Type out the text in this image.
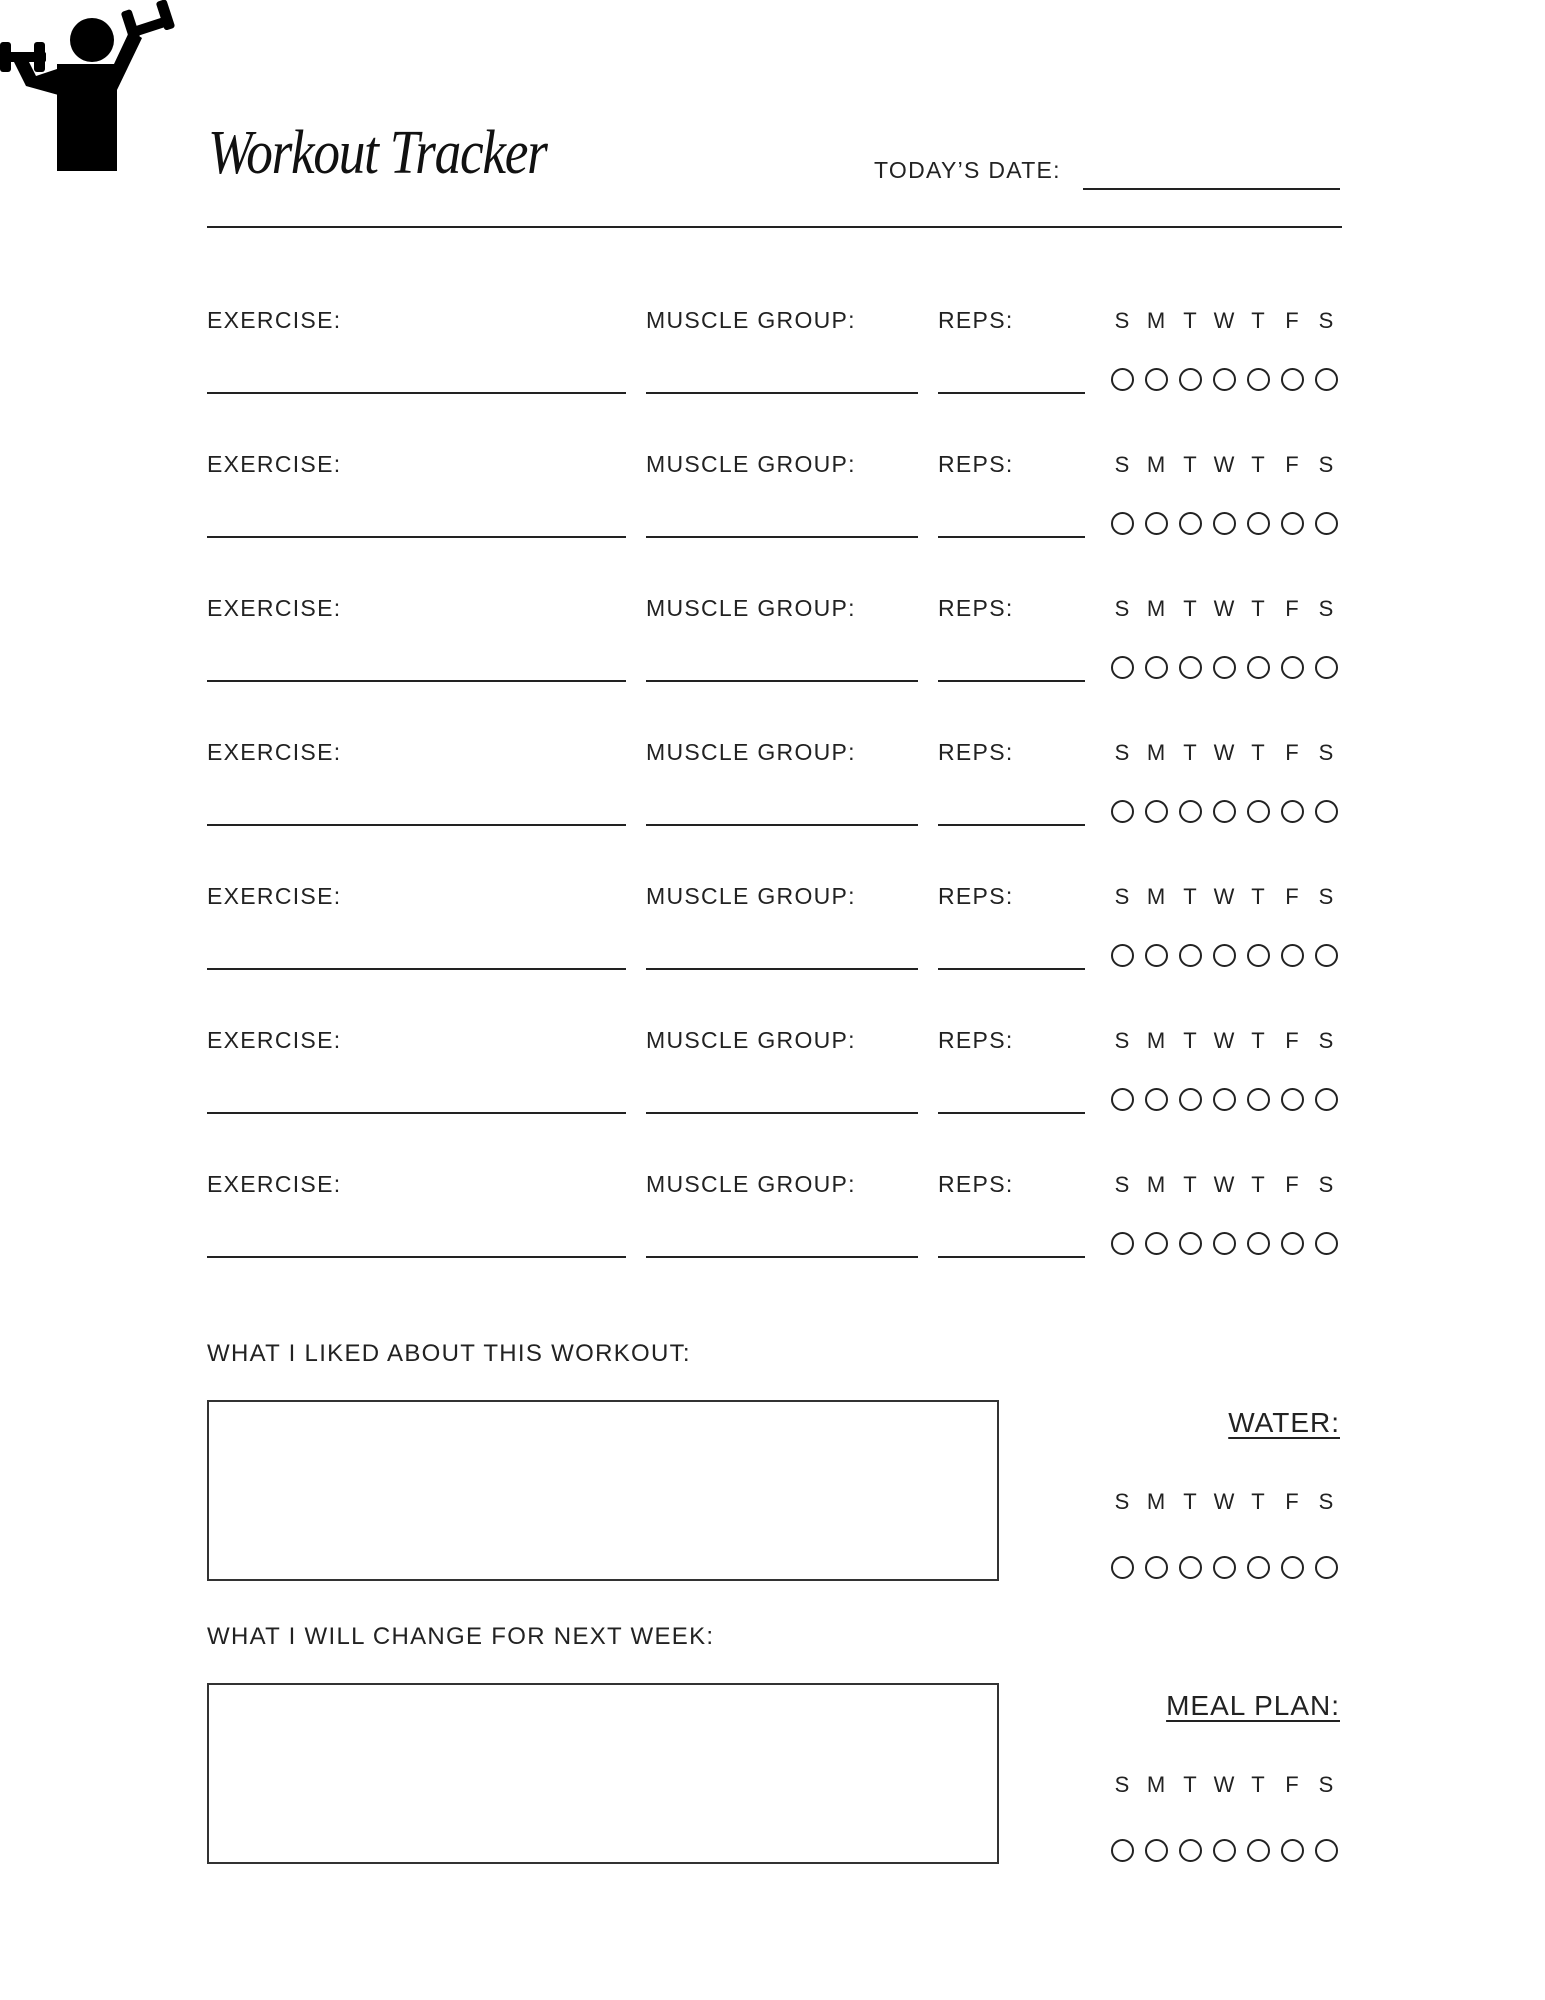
Workout Tracker	TODAY’S DATE:
EXERCISE:	MUSCLE GROUP:	REPS:	S M T W T F S
EXERCISE:	MUSCLE GROUP:	REPS:	S M T W T F S
EXERCISE:	MUSCLE GROUP:	REPS:	S M T W T F S
EXERCISE:	MUSCLE GROUP:	REPS:	S M T W T F S
EXERCISE:	MUSCLE GROUP:	REPS:	S M T W T F S
EXERCISE:	MUSCLE GROUP:	REPS:	S M T W T F S
EXERCISE:	MUSCLE GROUP:	REPS:	S M T W T F S
WHAT I LIKED ABOUT THIS WORKOUT:
WHAT I WILL CHANGE FOR NEXT WEEK:
WATER:
S M T W T F S
MEAL PLAN:
S M T W T F S
